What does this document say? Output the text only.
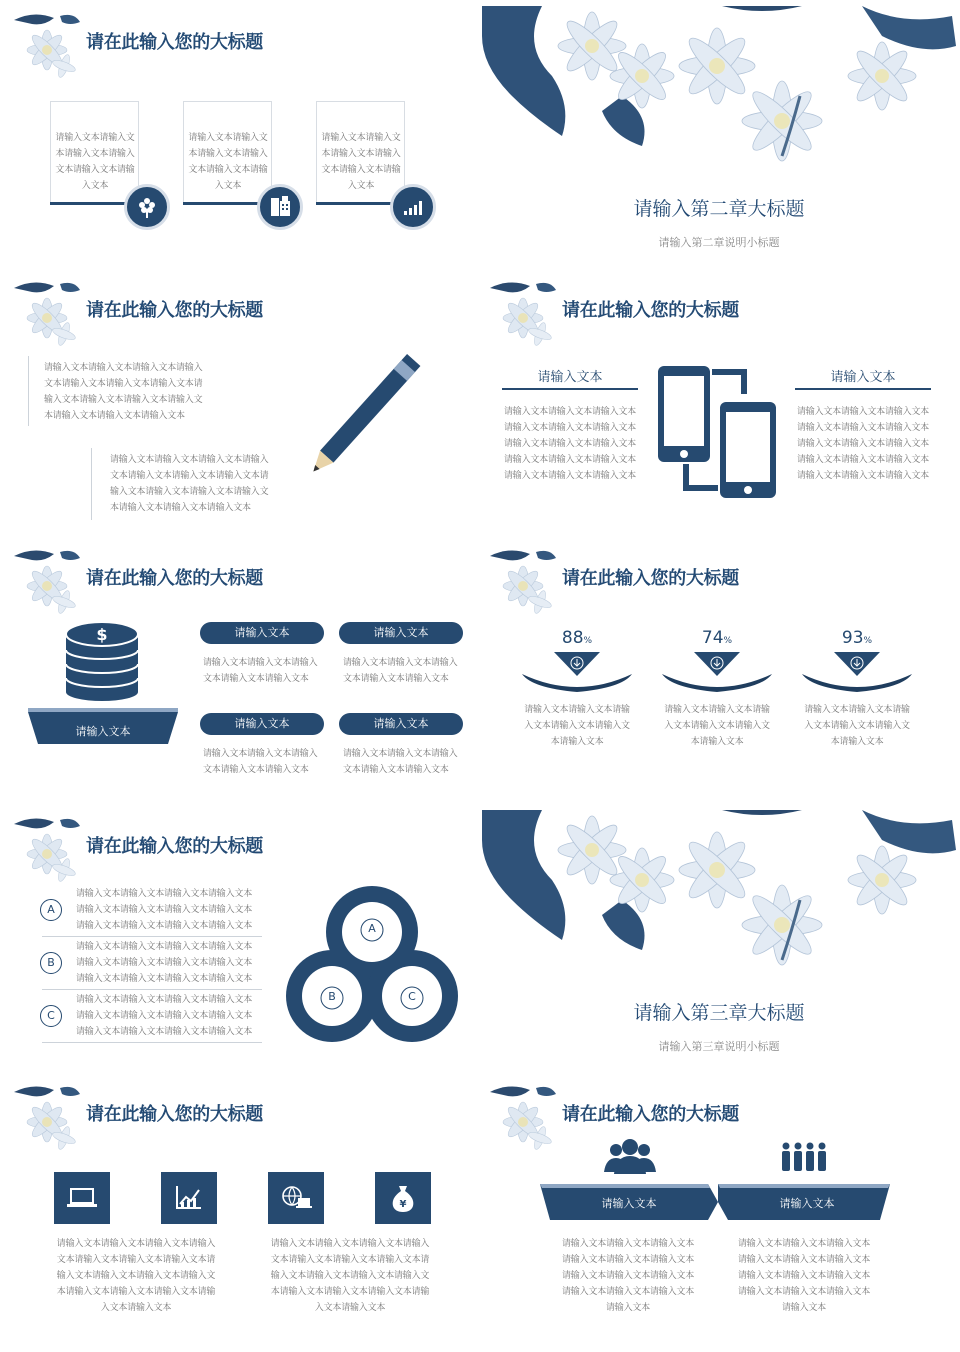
请在此输入您的大标题
请输入文本请输入文本请输入文本请输入文本请输入文本请输入文本
请输入文本请输入文本请输入文本请输入文本请输入文本请输入文本
请输入文本请输入文本请输入文本请输入文本请输入文本请输入文本
请输入第二章大标题
请输入第二章说明小标题
请在此输入您的大标题
请输入文本请输入文本请输入文本请输入文本请输入文本请输入文本请输入文本请输入文本请输入文本请输入文本请输入文本请输入文本请输入文本请输入文本
请输入文本请输入文本请输入文本请输入文本请输入文本请输入文本请输入文本请输入文本请输入文本请输入文本请输入文本请输入文本请输入文本请输入文本
请在此输入您的大标题
请输入文本
请输入文本请输入文本请输入文本请输入文本请输入文本请输入文本请输入文本请输入文本请输入文本请输入文本请输入文本请输入文本请输入文本请输入文本请输入文本
请输入文本
请输入文本请输入文本请输入文本请输入文本请输入文本请输入文本请输入文本请输入文本请输入文本请输入文本请输入文本请输入文本请输入文本请输入文本请输入文本
请在此输入您的大标题
$
请输入文本
请输入文本
请输入文本请输入文本请输入文本请输入文本请输入文本
请输入文本
请输入文本请输入文本请输入文本请输入文本请输入文本
请输入文本
请输入文本请输入文本请输入文本请输入文本请输入文本
请输入文本
请输入文本请输入文本请输入文本请输入文本请输入文本
请在此输入您的大标题
88%
请输入文本请输入文本请输入文本请输入文本请输入文本请输入文本
74%
请输入文本请输入文本请输入文本请输入文本请输入文本请输入文本
93%
请输入文本请输入文本请输入文本请输入文本请输入文本请输入文本
请在此输入您的大标题
A
请输入文本请输入文本请输入文本请输入文本请输入文本请输入文本请输入文本请输入文本请输入文本请输入文本请输入文本请输入文本
B
请输入文本请输入文本请输入文本请输入文本请输入文本请输入文本请输入文本请输入文本请输入文本请输入文本请输入文本请输入文本
C
请输入文本请输入文本请输入文本请输入文本请输入文本请输入文本请输入文本请输入文本请输入文本请输入文本请输入文本请输入文本
A
B	C
请输入第三章大标题
请输入第三章说明小标题
请在此输入您的大标题
¥
请输入文本请输入文本请输入文本请输入文本请输入文本请输入文本请输入文本请输入文本请输入文本请输入文本请输入文本请输入文本请输入文本请输入文本请输入文本请输入文本
请输入文本请输入文本请输入文本请输入文本请输入文本请输入文本请输入文本请输入文本请输入文本请输入文本请输入文本请输入文本请输入文本请输入文本请输入文本请输入文本
请在此输入您的大标题
请输入文本	请输入文本
请输入文本请输入文本请输入文本请输入文本请输入文本请输入文本请输入文本请输入文本请输入文本请输入文本请输入文本请输入文本请输入文本
请输入文本请输入文本请输入文本请输入文本请输入文本请输入文本请输入文本请输入文本请输入文本请输入文本请输入文本请输入文本请输入文本
